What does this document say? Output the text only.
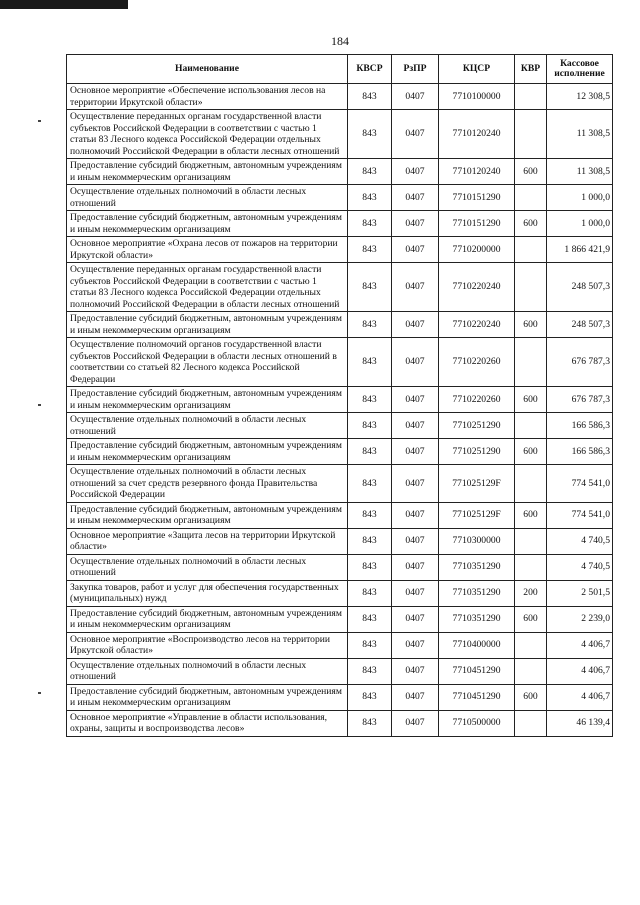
184
Наименование	КВСР	РзПР	КЦСР	КВР	Кассовое исполнение
Основное мероприятие «Обеспечение использования лесов на территории Иркутской области»	843	0407	7710100000		12 308,5
Осуществление переданных органам государственной власти субъектов Российской Федерации в соответствии с частью 1 статьи 83 Лесного кодекса Российской Федерации отдельных полномочий Российской Федерации в области лесных отношений	843	0407	7710120240		11 308,5
Предоставление субсидий бюджетным, автономным учреждениям и иным некоммерческим организациям	843	0407	7710120240	600	11 308,5
Осуществление отдельных полномочий в области лесных отношений	843	0407	7710151290		1 000,0
Предоставление субсидий бюджетным, автономным учреждениям и иным некоммерческим организациям	843	0407	7710151290	600	1 000,0
Основное мероприятие «Охрана лесов от пожаров на территории Иркутской области»	843	0407	7710200000		1 866 421,9
Осуществление переданных органам государственной власти субъектов Российской Федерации в соответствии с частью 1 статьи 83 Лесного кодекса Российской Федерации отдельных полномочий Российской Федерации в области лесных отношений	843	0407	7710220240		248 507,3
Предоставление субсидий бюджетным, автономным учреждениям и иным некоммерческим организациям	843	0407	7710220240	600	248 507,3
Осуществление полномочий органов государственной власти субъектов Российской Федерации в области лесных отношений в соответствии со статьей 82 Лесного кодекса Российской Федерации	843	0407	7710220260		676 787,3
Предоставление субсидий бюджетным, автономным учреждениям и иным некоммерческим организациям	843	0407	7710220260	600	676 787,3
Осуществление отдельных полномочий в области лесных отношений	843	0407	7710251290		166 586,3
Предоставление субсидий бюджетным, автономным учреждениям и иным некоммерческим организациям	843	0407	7710251290	600	166 586,3
Осуществление отдельных полномочий в области лесных отношений за счет средств резервного фонда Правительства Российской Федерации	843	0407	771025129F		774 541,0
Предоставление субсидий бюджетным, автономным учреждениям и иным некоммерческим организациям	843	0407	771025129F	600	774 541,0
Основное мероприятие «Защита лесов на территории Иркутской области»	843	0407	7710300000		4 740,5
Осуществление отдельных полномочий в области лесных отношений	843	0407	7710351290		4 740,5
Закупка товаров, работ и услуг для обеспечения государственных (муниципальных) нужд	843	0407	7710351290	200	2 501,5
Предоставление субсидий бюджетным, автономным учреждениям и иным некоммерческим организациям	843	0407	7710351290	600	2 239,0
Основное мероприятие «Воспроизводство лесов на территории Иркутской области»	843	0407	7710400000		4 406,7
Осуществление отдельных полномочий в области лесных отношений	843	0407	7710451290		4 406,7
Предоставление субсидий бюджетным, автономным учреждениям и иным некоммерческим организациям	843	0407	7710451290	600	4 406,7
Основное мероприятие «Управление в области использования, охраны, защиты и воспроизводства лесов»	843	0407	7710500000		46 139,4
